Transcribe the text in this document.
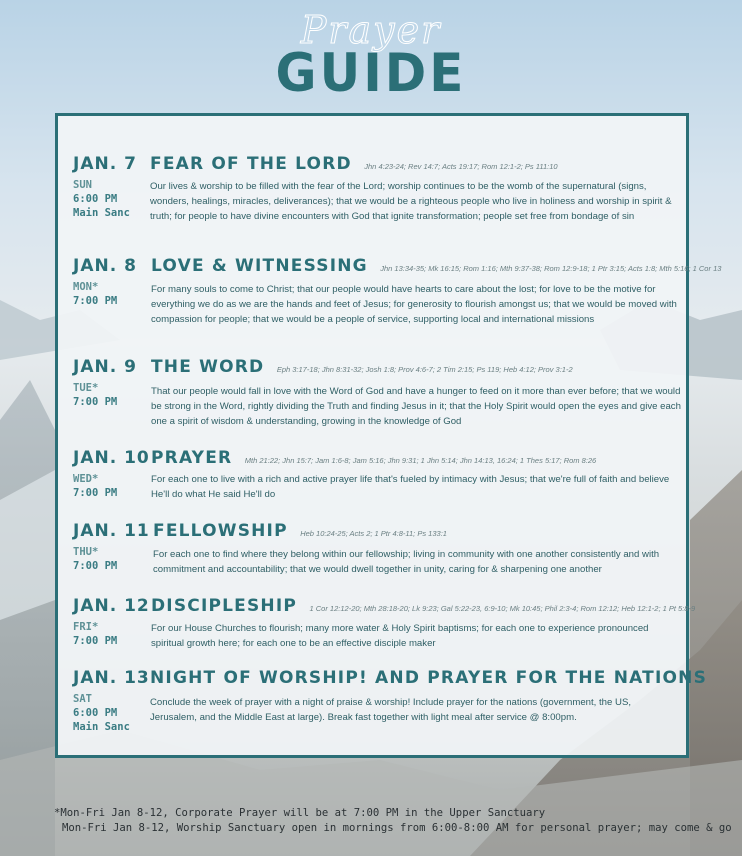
Prayer
GUIDE
JAN. 7
SUN
6:00 PM
Main Sanc
FEAR OF THE LORD Jhn 4:23-24; Rev 14:7; Acts 19:17; Rom 12:1-2; Ps 111:10
Our lives & worship to be filled with the fear of the Lord; worship continues to be the womb of the supernatural (signs, wonders, healings, miracles, deliverances); that we would be a righteous people who live in holiness and worship in spirit & truth; for people to have divine encounters with God that ignite transformation; people set free from bondage of sin
JAN. 8
MON*
7:00 PM
LOVE & WITNESSING Jhn 13:34-35; Mk 16:15; Rom 1:16; Mth 9:37-38; Rom 12:9-18; 1 Ptr 3:15; Acts 1:8; Mth 5:16; 1 Cor 13
For many souls to come to Christ; that our people would have hearts to care about the lost; for love to be the motive for everything we do as we are the hands and feet of Jesus; for generosity to flourish amongst us; that we would be moved with compassion for people; that we would be a people of service, supporting local and international missions
JAN. 9
TUE*
7:00 PM
THE WORD Eph 3:17-18; Jhn 8:31-32; Josh 1:8; Prov 4:6-7; 2 Tim 2:15; Ps 119; Heb 4:12; Prov 3:1-2
That our people would fall in love with the Word of God and have a hunger to feed on it more than ever before; that we would be strong in the Word, rightly dividing the Truth and finding Jesus in it; that the Holy Spirit would open the eyes and give each one a spirit of wisdom & understanding, growing in the knowledge of God
JAN. 10
WED*
7:00 PM
PRAYER Mth 21:22; Jhn 15:7; Jam 1:6-8; Jam 5:16; Jhn 9:31; 1 Jhn 5:14; Jhn 14:13, 16:24; 1 Thes 5:17; Rom 8:26
For each one to live with a rich and active prayer life that's fueled by intimacy with Jesus; that we're full of faith and believe He'll do what He said He'll do
JAN. 11
THU*
7:00 PM
FELLOWSHIP Heb 10:24-25; Acts 2; 1 Ptr 4:8-11; Ps 133:1
For each one to find where they belong within our fellowship; living in community with one another consistently and with commitment and accountability; that we would dwell together in unity, caring for & sharpening one another
JAN. 12
FRI*
7:00 PM
DISCIPLESHIP 1 Cor 12:12-20; Mth 28:18-20; Lk 9:23; Gal 5:22-23, 6:9-10; Mk 10:45; Phil 2:3-4; Rom 12:12; Heb 12:1-2; 1 Pt 5:8-9
For our House Churches to flourish; many more water & Holy Spirit baptisms; for each one to experience pronounced spiritual growth here; for each one to be an effective disciple maker
JAN. 13
SAT
6:00 PM
Main Sanc
NIGHT OF WORSHIP! AND PRAYER FOR THE NATIONS
Conclude the week of prayer with a night of praise & worship! Include prayer for the nations (government, the US, Jerusalem, and the Middle East at large). Break fast together with light meal after service @ 8:00pm.
*Mon-Fri Jan 8-12, Corporate Prayer will be at 7:00 PM in the Upper Sanctuary
Mon-Fri Jan 8-12, Worship Sanctuary open in mornings from 6:00-8:00 AM for personal prayer; may come & go
